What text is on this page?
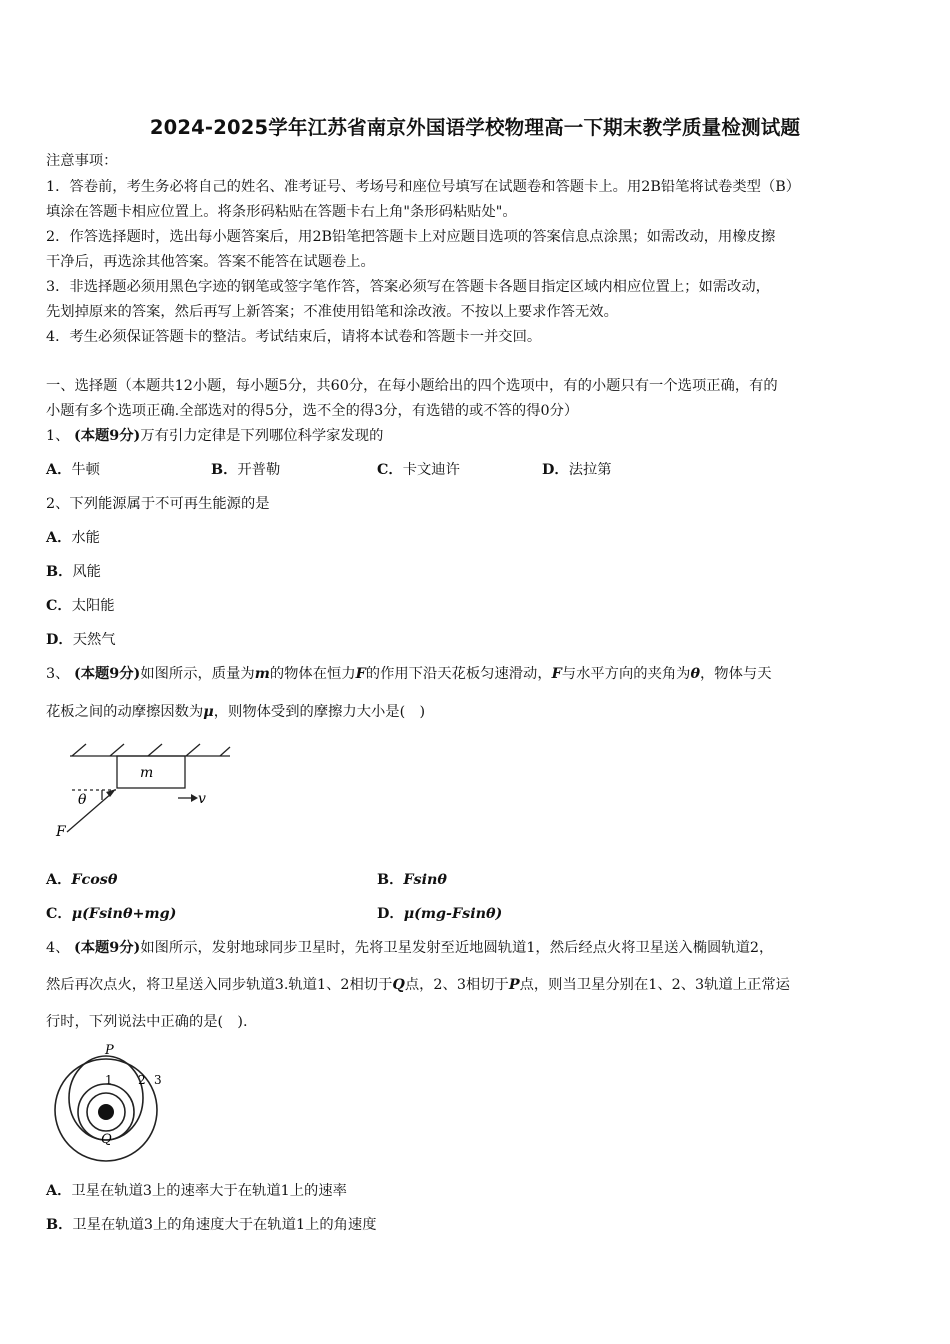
2024-2025学年江苏省南京外国语学校物理高一下期末教学质量检测试题
注意事项：
1．答卷前，考生务必将自己的姓名、准考证号、考场号和座位号填写在试题卷和答题卡上。用2B铅笔将试卷类型（B）
填涂在答题卡相应位置上。将条形码粘贴在答题卡右上角"条形码粘贴处"。
2．作答选择题时，选出每小题答案后，用2B铅笔把答题卡上对应题目选项的答案信息点涂黑；如需改动，用橡皮擦
干净后，再选涂其他答案。答案不能答在试题卷上。
3．非选择题必须用黑色字迹的钢笔或签字笔作答，答案必须写在答题卡各题目指定区域内相应位置上；如需改动，
先划掉原来的答案，然后再写上新答案；不准使用铅笔和涂改液。不按以上要求作答无效。
4．考生必须保证答题卡的整洁。考试结束后，请将本试卷和答题卡一并交回。
一、选择题（本题共12小题，每小题5分，共60分，在每小题给出的四个选项中，有的小题只有一个选项正确，有的
小题有多个选项正确.全部选对的得5分，选不全的得3分，有选错的或不答的得0分）
1、 (本题9分)万有引力定律是下列哪位科学家发现的
A．牛顿	B．开普勒	C．卡文迪许	D．法拉第
2、下列能源属于不可再生能源的是
A．水能
B．风能
C．太阳能
D．天然气
3、 (本题9分)如图所示，质量为m的物体在恒力F的作用下沿天花板匀速滑动，F与水平方向的夹角为θ，物体与天
花板之间的动摩擦因数为μ，则物体受到的摩擦力大小是(　)
m
θ
F
v
A．Fcosθ	B．Fsinθ
C．μ(Fsinθ+mg)	D．μ(mg-Fsinθ)
4、 (本题9分)如图所示，发射地球同步卫星时，先将卫星发射至近地圆轨道1，然后经点火将卫星送入椭圆轨道2，
然后再次点火，将卫星送入同步轨道3.轨道1、2相切于Q点，2、3相切于P点，则当卫星分别在1、2、3轨道上正常运
行时，下列说法中正确的是(　).
P
Q
1 2 3
A．卫星在轨道3上的速率大于在轨道1上的速率
B．卫星在轨道3上的角速度大于在轨道1上的角速度
